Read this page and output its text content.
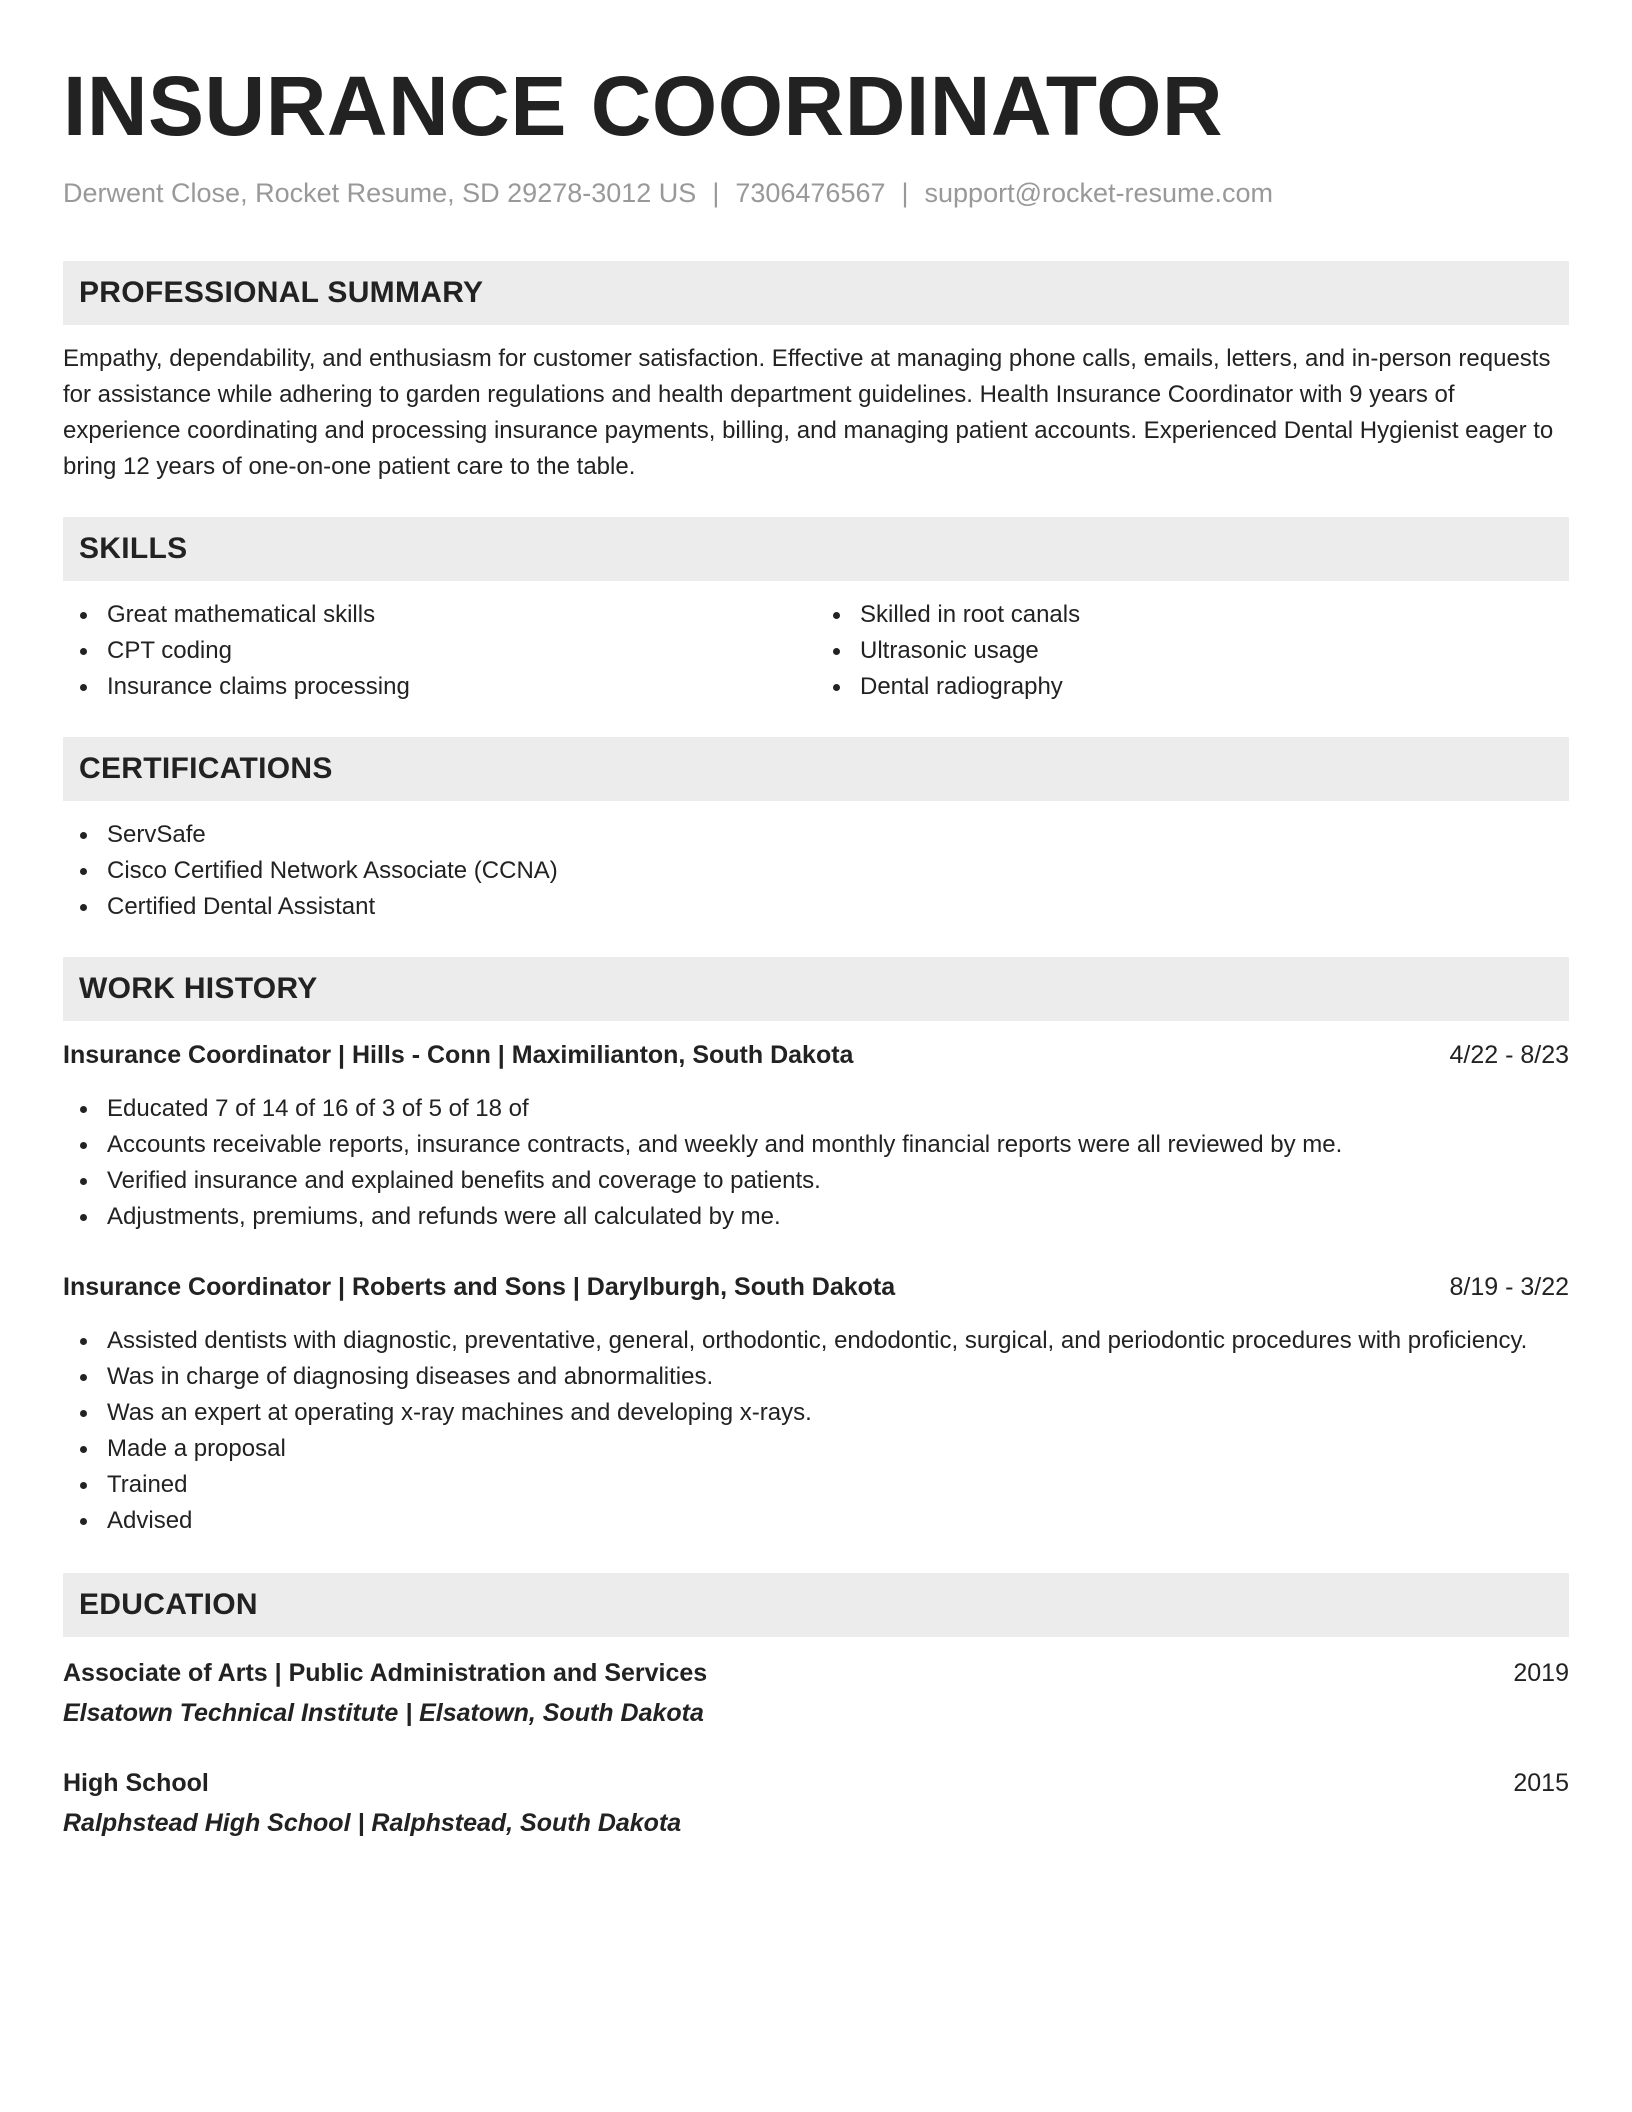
INSURANCE COORDINATOR
Derwent Close, Rocket Resume, SD 29278-3012 US | 7306476567 | support@rocket-resume.com
PROFESSIONAL SUMMARY

Empathy, dependability, and enthusiasm for customer satisfaction. Effective at managing phone calls, emails, letters, and in-person requests for assistance while adhering to garden regulations and health department guidelines. Health Insurance Coordinator with 9 years of experience coordinating and processing insurance payments, billing, and managing patient accounts. Experienced Dental Hygienist eager to bring 12 years of one-on-one patient care to the table.

SKILLS
Great mathematical skills
CPT coding
Insurance claims processing
Skilled in root canals
Ultrasonic usage
Dental radiography
CERTIFICATIONS
ServSafe
Cisco Certified Network Associate (CCNA)
Certified Dental Assistant
WORK HISTORY
Insurance Coordinator | Hills - Conn | Maximilianton, South Dakota	4/22 - 8/23
Educated 7 of 14 of 16 of 3 of 5 of 18 of
Accounts receivable reports, insurance contracts, and weekly and monthly financial reports were all reviewed by me.
Verified insurance and explained benefits and coverage to patients.
Adjustments, premiums, and refunds were all calculated by me.
Insurance Coordinator | Roberts and Sons | Darylburgh, South Dakota	8/19 - 3/22
Assisted dentists with diagnostic, preventative, general, orthodontic, endodontic, surgical, and periodontic procedures with proficiency.
Was in charge of diagnosing diseases and abnormalities.
Was an expert at operating x-ray machines and developing x-rays.
Made a proposal
Trained
Advised
EDUCATION
Associate of Arts | Public Administration and Services	2019
Elsatown Technical Institute | Elsatown, South Dakota
High School	2015
Ralphstead High School | Ralphstead, South Dakota
